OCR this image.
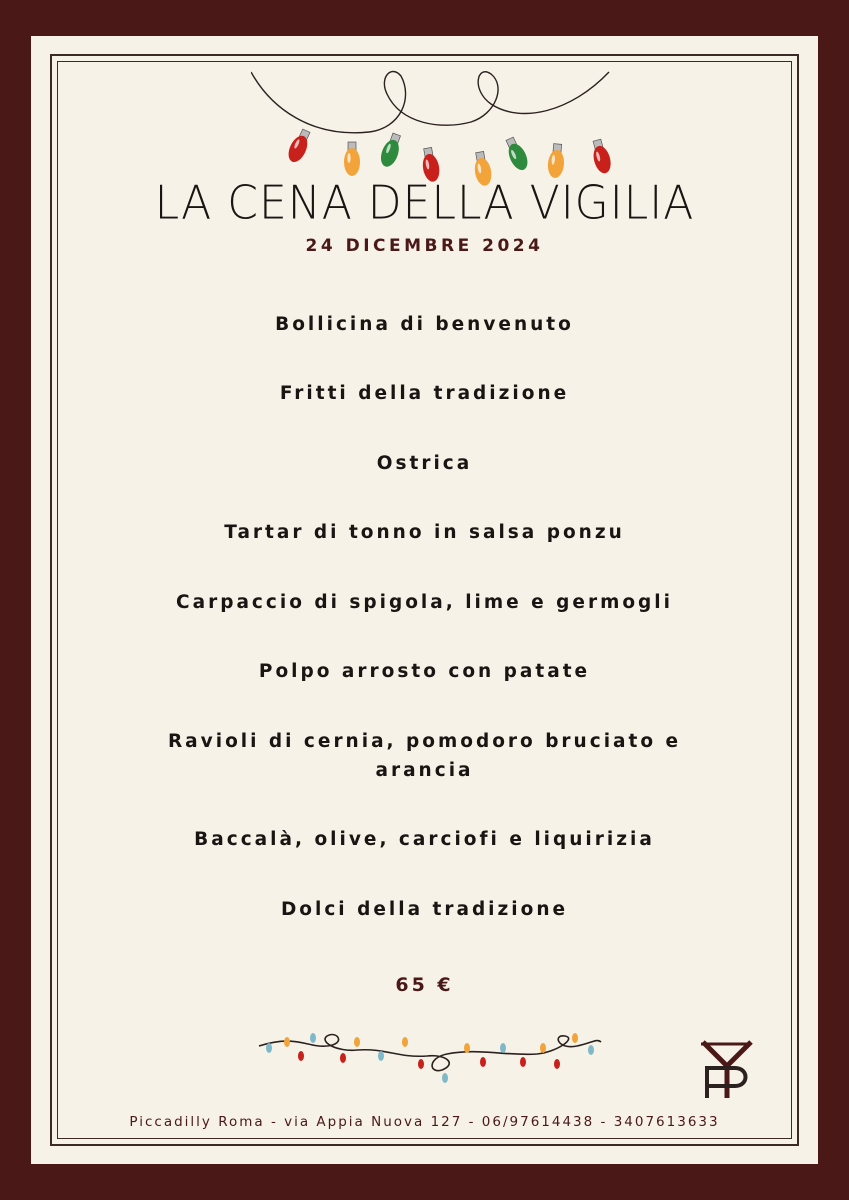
LA CENA DELLA VIGILIA
24 DICEMBRE 2024
Bollicina di benvenuto
Fritti della tradizione
Ostrica
Tartar di tonno in salsa ponzu
Carpaccio di spigola, lime e germogli
Polpo arrosto con patate
Ravioli di cernia, pomodoro bruciato e arancia
Baccalà, olive, carciofi e liquirizia
Dolci della tradizione
65 €
Piccadilly Roma - via Appia Nuova 127 - 06/97614438 - 3407613633
